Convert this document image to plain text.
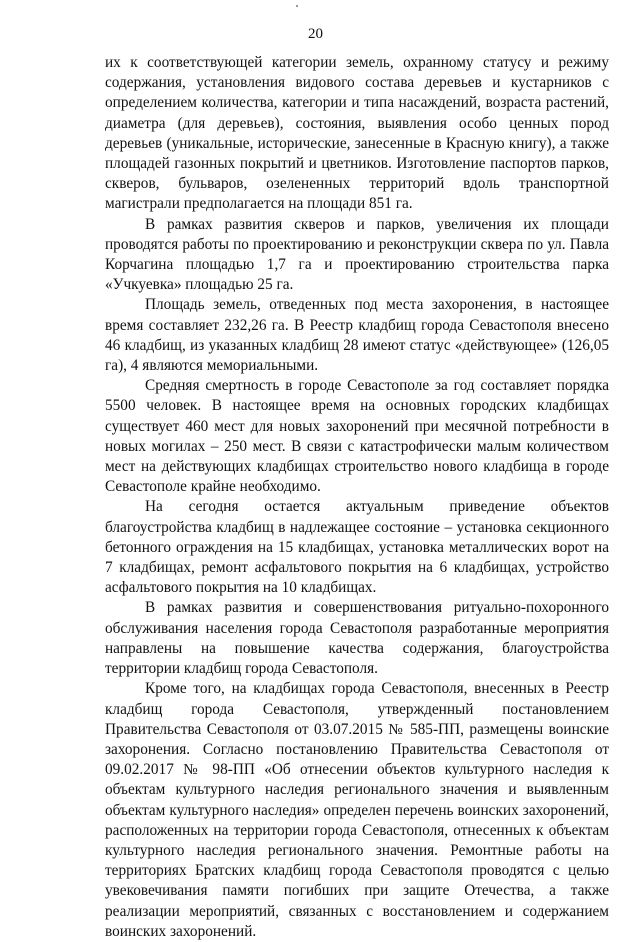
20

их к соответствующей категории земель, охранному статусу и режиму содержания, установления видового состава деревьев и кустарников с определением количества, категории и типа насаждений, возраста растений, диаметра (для деревьев), состояния, выявления особо ценных пород деревьев (уникальные, исторические, занесенные в Красную книгу), а также площадей газонных покрытий и цветников. Изготовление паспортов парков, скверов, бульваров, озелененных территорий вдоль транспортной магистрали предполагается на площади 851 га.

В рамках развития скверов и парков, увеличения их площади проводятся работы по проектированию и реконструкции сквера по ул. Павла Корчагина площадью 1,7 га и проектированию строительства парка «Учкуевка» площадью 25 га.

Площадь земель, отведенных под места захоронения, в настоящее время составляет 232,26 га. В Реестр кладбищ города Севастополя внесено 46 кладбищ, из указанных кладбищ 28 имеют статус «действующее» (126,05 га), 4 являются мемориальными.

Средняя смертность в городе Севастополе за год составляет порядка 5500 человек. В настоящее время на основных городских кладбищах существует 460 мест для новых захоронений при месячной потребности в новых могилах – 250 мест. В связи с катастрофически малым количеством мест на действующих кладбищах строительство нового кладбища в городе Севастополе крайне необходимо.

На сегодня остается актуальным приведение объектов благоустройства кладбищ в надлежащее состояние – установка секционного бетонного ограждения на 15 кладбищах, установка металлических ворот на 7 кладбищах, ремонт асфальтового покрытия на 6 кладбищах, устройство асфальтового покрытия на 10 кладбищах.

В рамках развития и совершенствования ритуально-похоронного обслуживания населения города Севастополя разработанные мероприятия направлены на повышение качества содержания, благоустройства территории кладбищ города Севастополя.

Кроме того, на кладбищах города Севастополя, внесенных в Реестр кладбищ города Севастополя, утвержденный постановлением Правительства Севастополя от 03.07.2015 № 585-ПП, размещены воинские захоронения. Согласно постановлению Правительства Севастополя от 09.02.2017 № 98-ПП «Об отнесении объектов культурного наследия к объектам культурного наследия регионального значения и выявленным объектам культурного наследия» определен перечень воинских захоронений, расположенных на территории города Севастополя, отнесенных к объектам культурного наследия регионального значения. Ремонтные работы на территориях Братских кладбищ города Севастополя проводятся с целью увековечивания памяти погибших при защите Отечества, а также реализации мероприятий, связанных с восстановлением и содержанием воинских захоронений.
